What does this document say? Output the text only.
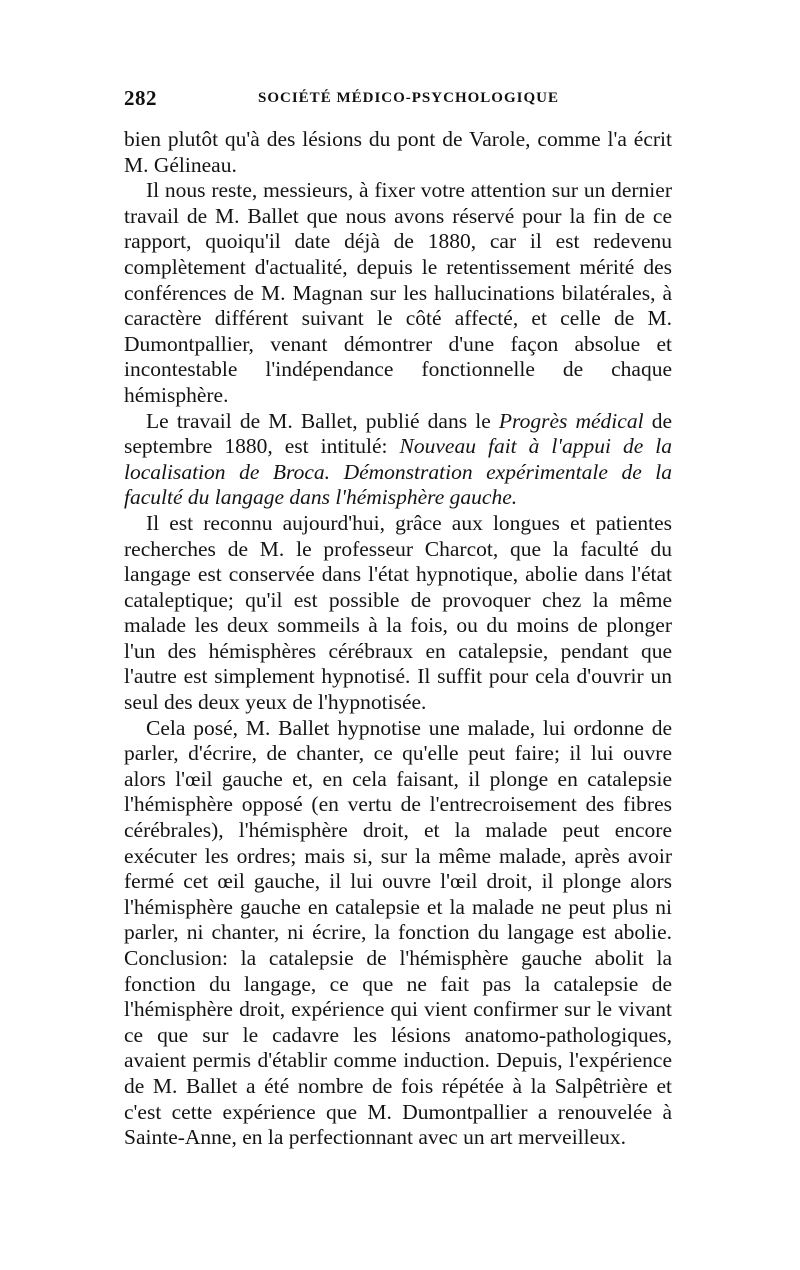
282	SOCIÉTÉ MÉDICO-PSYCHOLOGIQUE

bien plutôt qu'à des lésions du pont de Varole, comme l'a écrit M. Gélineau.

Il nous reste, messieurs, à fixer votre attention sur un dernier travail de M. Ballet que nous avons réservé pour la fin de ce rapport, quoiqu'il date déjà de 1880, car il est redevenu complètement d'actualité, depuis le retentissement mérité des conférences de M. Magnan sur les hallucinations bilatérales, à caractère différent suivant le côté affecté, et celle de M. Dumontpallier, venant démontrer d'une façon absolue et incontestable l'indépendance fonctionnelle de chaque hémisphère.

Le travail de M. Ballet, publié dans le Progrès médical de septembre 1880, est intitulé: Nouveau fait à l'appui de la localisation de Broca. Démonstration expérimentale de la faculté du langage dans l'hémisphère gauche.

Il est reconnu aujourd'hui, grâce aux longues et patientes recherches de M. le professeur Charcot, que la faculté du langage est conservée dans l'état hypnotique, abolie dans l'état cataleptique; qu'il est possible de provoquer chez la même malade les deux sommeils à la fois, ou du moins de plonger l'un des hémisphères cérébraux en catalepsie, pendant que l'autre est simplement hypnotisé. Il suffit pour cela d'ouvrir un seul des deux yeux de l'hypnotisée.

Cela posé, M. Ballet hypnotise une malade, lui ordonne de parler, d'écrire, de chanter, ce qu'elle peut faire; il lui ouvre alors l'œil gauche et, en cela faisant, il plonge en catalepsie l'hémisphère opposé (en vertu de l'entrecroisement des fibres cérébrales), l'hémisphère droit, et la malade peut encore exécuter les ordres; mais si, sur la même malade, après avoir fermé cet œil gauche, il lui ouvre l'œil droit, il plonge alors l'hémisphère gauche en catalepsie et la malade ne peut plus ni parler, ni chanter, ni écrire, la fonction du langage est abolie. Conclusion: la catalepsie de l'hémisphère gauche abolit la fonction du langage, ce que ne fait pas la catalepsie de l'hémisphère droit, expérience qui vient confirmer sur le vivant ce que sur le cadavre les lésions anatomo-pathologiques, avaient permis d'établir comme induction. Depuis, l'expérience de M. Ballet a été nombre de fois répétée à la Salpêtrière et c'est cette expérience que M. Dumontpallier a renouvelée à Sainte-Anne, en la perfectionnant avec un art merveilleux.
